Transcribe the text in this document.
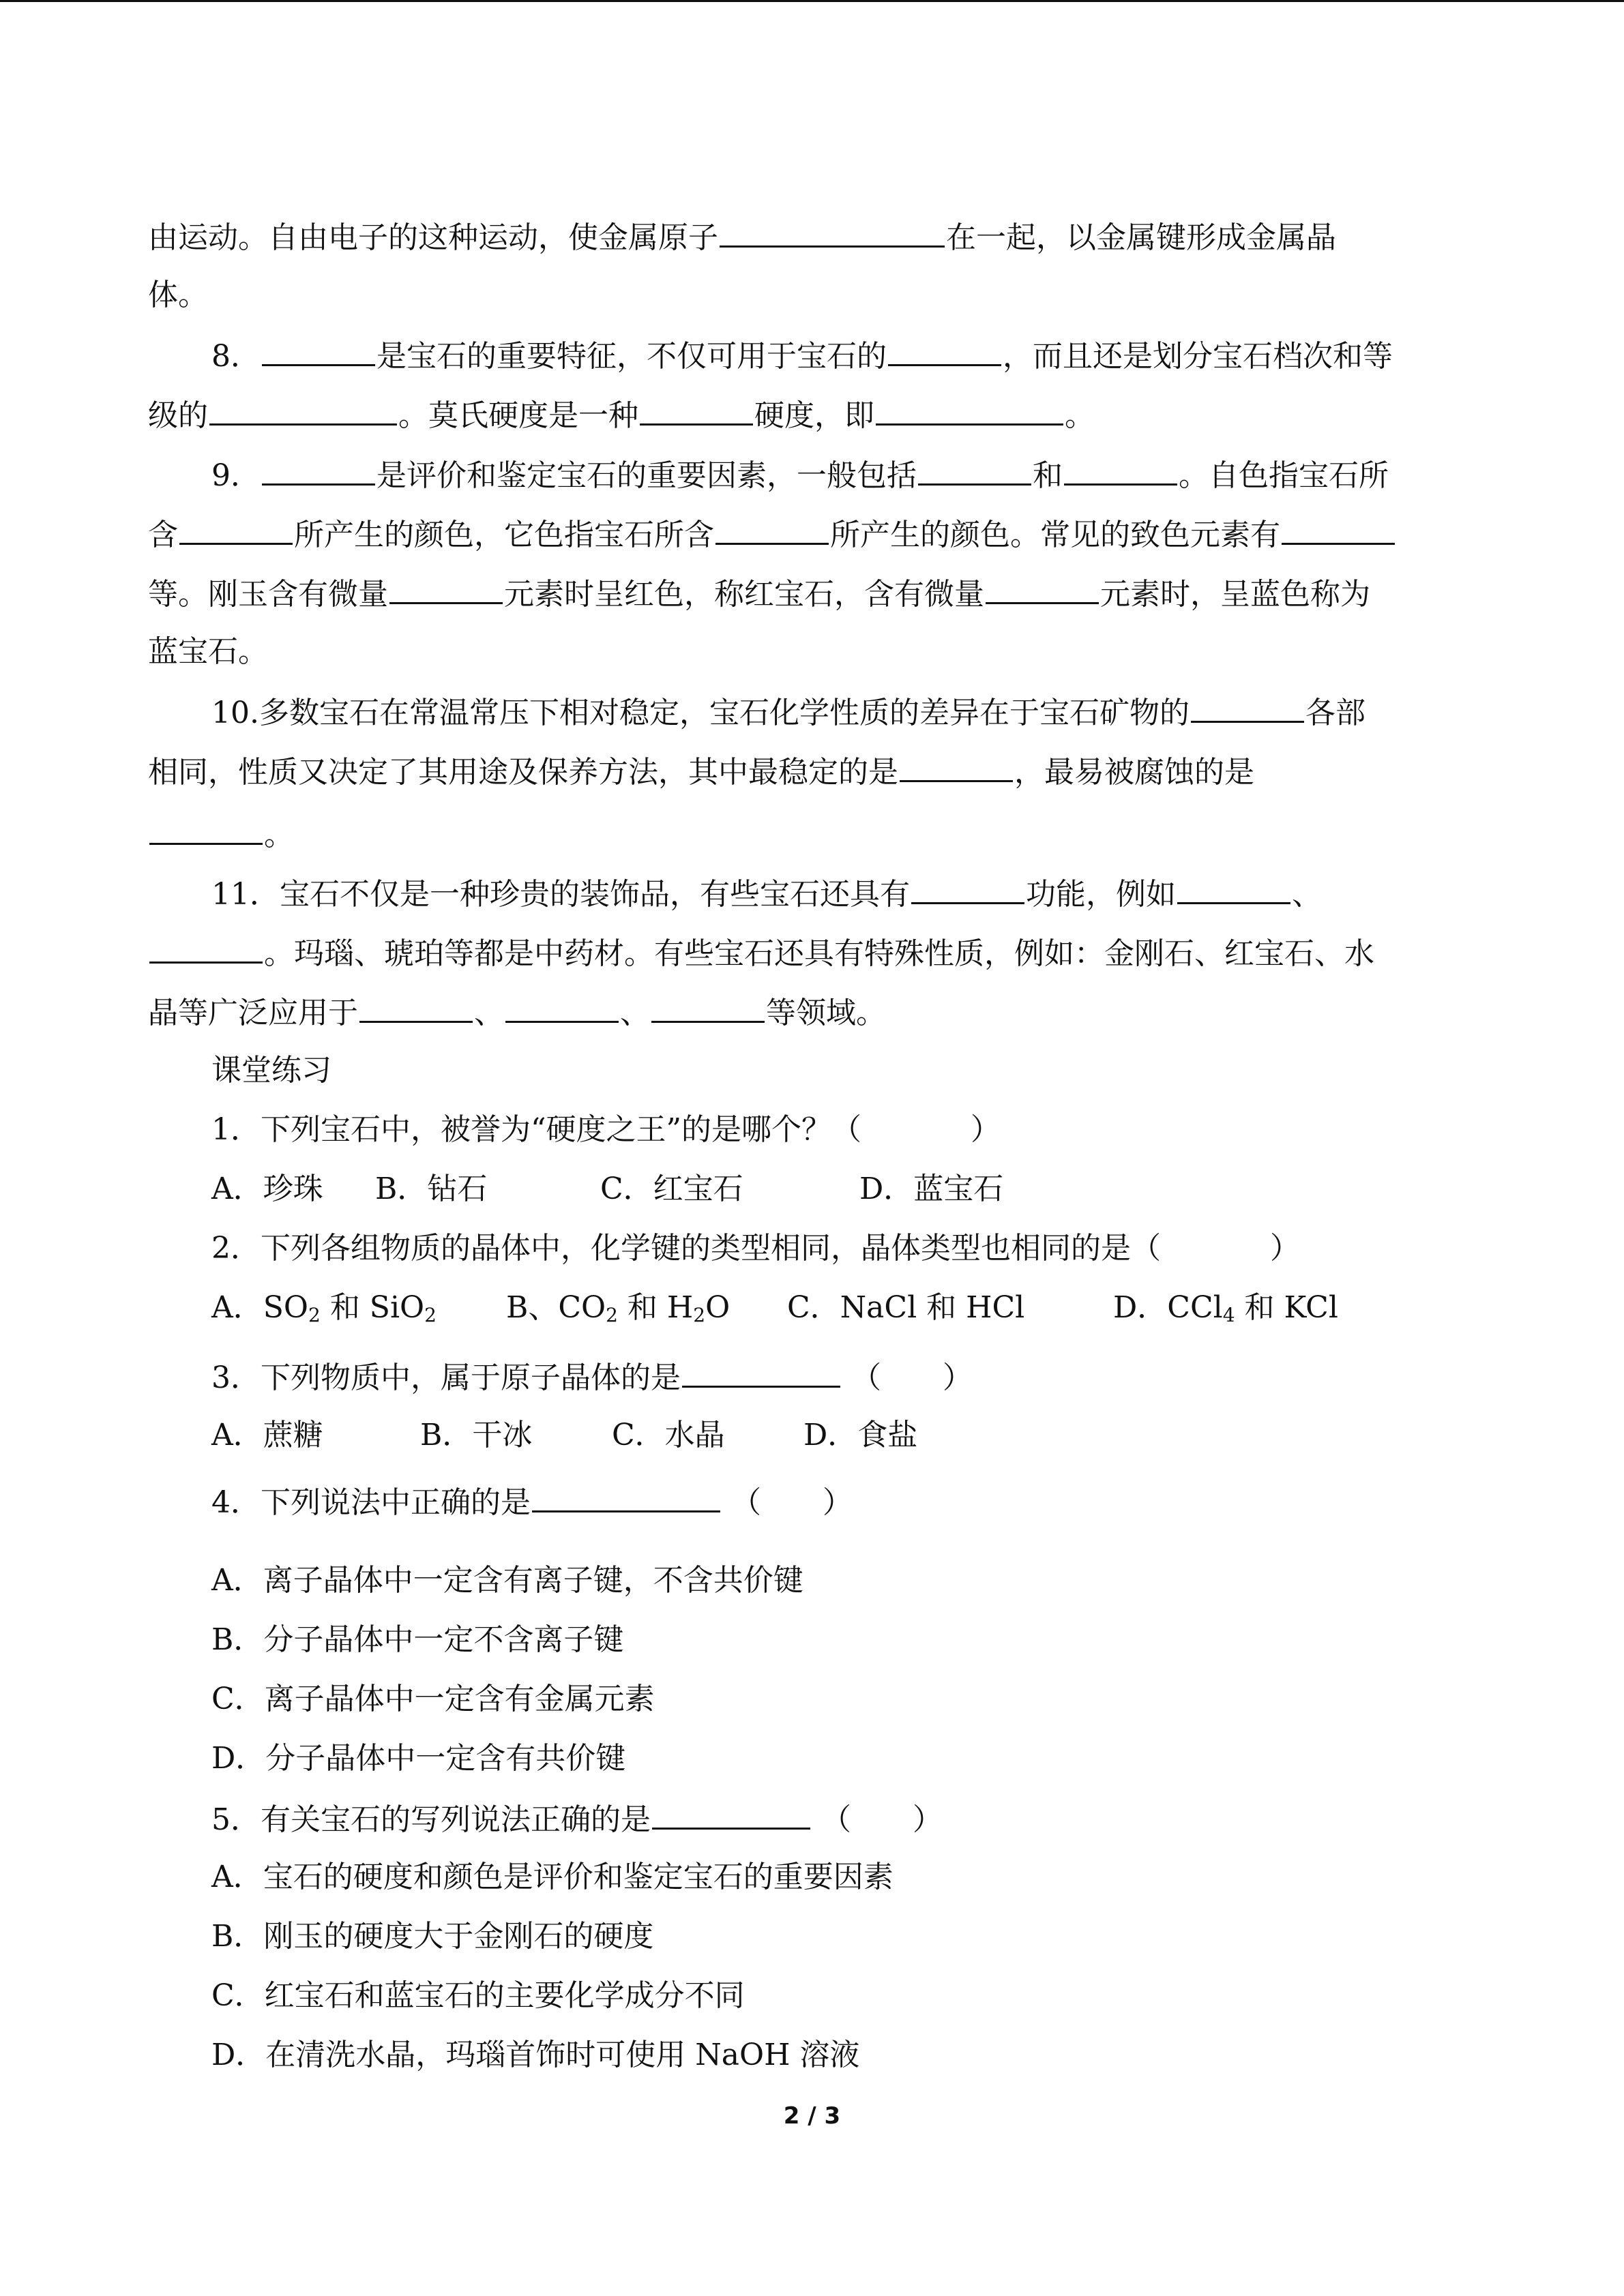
由运动。自由电子的这种运动，使金属原子	在一起，以金属键形成金属晶
体。
8．	是宝石的重要特征，不仅可用于宝石的	，而且还是划分宝石档次和等
级的	。莫氏硬度是一种	硬度，即	。
9．	是评价和鉴定宝石的重要因素，一般包括	和	。自色指宝石所
含	所产生的颜色，它色指宝石所含	所产生的颜色。常见的致色元素有
等。刚玉含有微量	元素时呈红色，称红宝石，含有微量	元素时，呈蓝色称为
蓝宝石。
10.多数宝石在常温常压下相对稳定，宝石化学性质的差异在于宝石矿物的	各部
相同，性质又决定了其用途及保养方法，其中最稳定的是	，最易被腐蚀的是
。
11．宝石不仅是一种珍贵的装饰品，有些宝石还具有	功能，例如	、
。玛瑙、琥珀等都是中药材。有些宝石还具有特殊性质，例如：金刚石、红宝石、水
晶等广泛应用于	、	、	等领域。
课堂练习
1．下列宝石中，被誉为“硬度之王”的是哪个？（	）
A．珍珠 B．钻石	C．红宝石	D．蓝宝石
2．下列各组物质的晶体中，化学键的类型相同，晶体类型也相同的是（	）
A．$SO_2$ 和 SiO$_2$ B、$CO_2$ 和 $H_2O$ C．NaCl 和 HCl	D．CCl$_4$ 和 KCl
3．下列物质中，属于原子晶体的是	（ ）
A．蔗糖	B．干冰	C．水晶	D．食盐
4．下列说法中正确的是	（ ）
A．离子晶体中一定含有离子键，不含共价键
B．分子晶体中一定不含离子键
C．离子晶体中一定含有金属元素
D．分子晶体中一定含有共价键
5．有关宝石的写列说法正确的是	（ ）
A．宝石的硬度和颜色是评价和鉴定宝石的重要因素
B．刚玉的硬度大于金刚石的硬度
C．红宝石和蓝宝石的主要化学成分不同
D．在清洗水晶，玛瑙首饰时可使用 NaOH 溶液
2 / 3
